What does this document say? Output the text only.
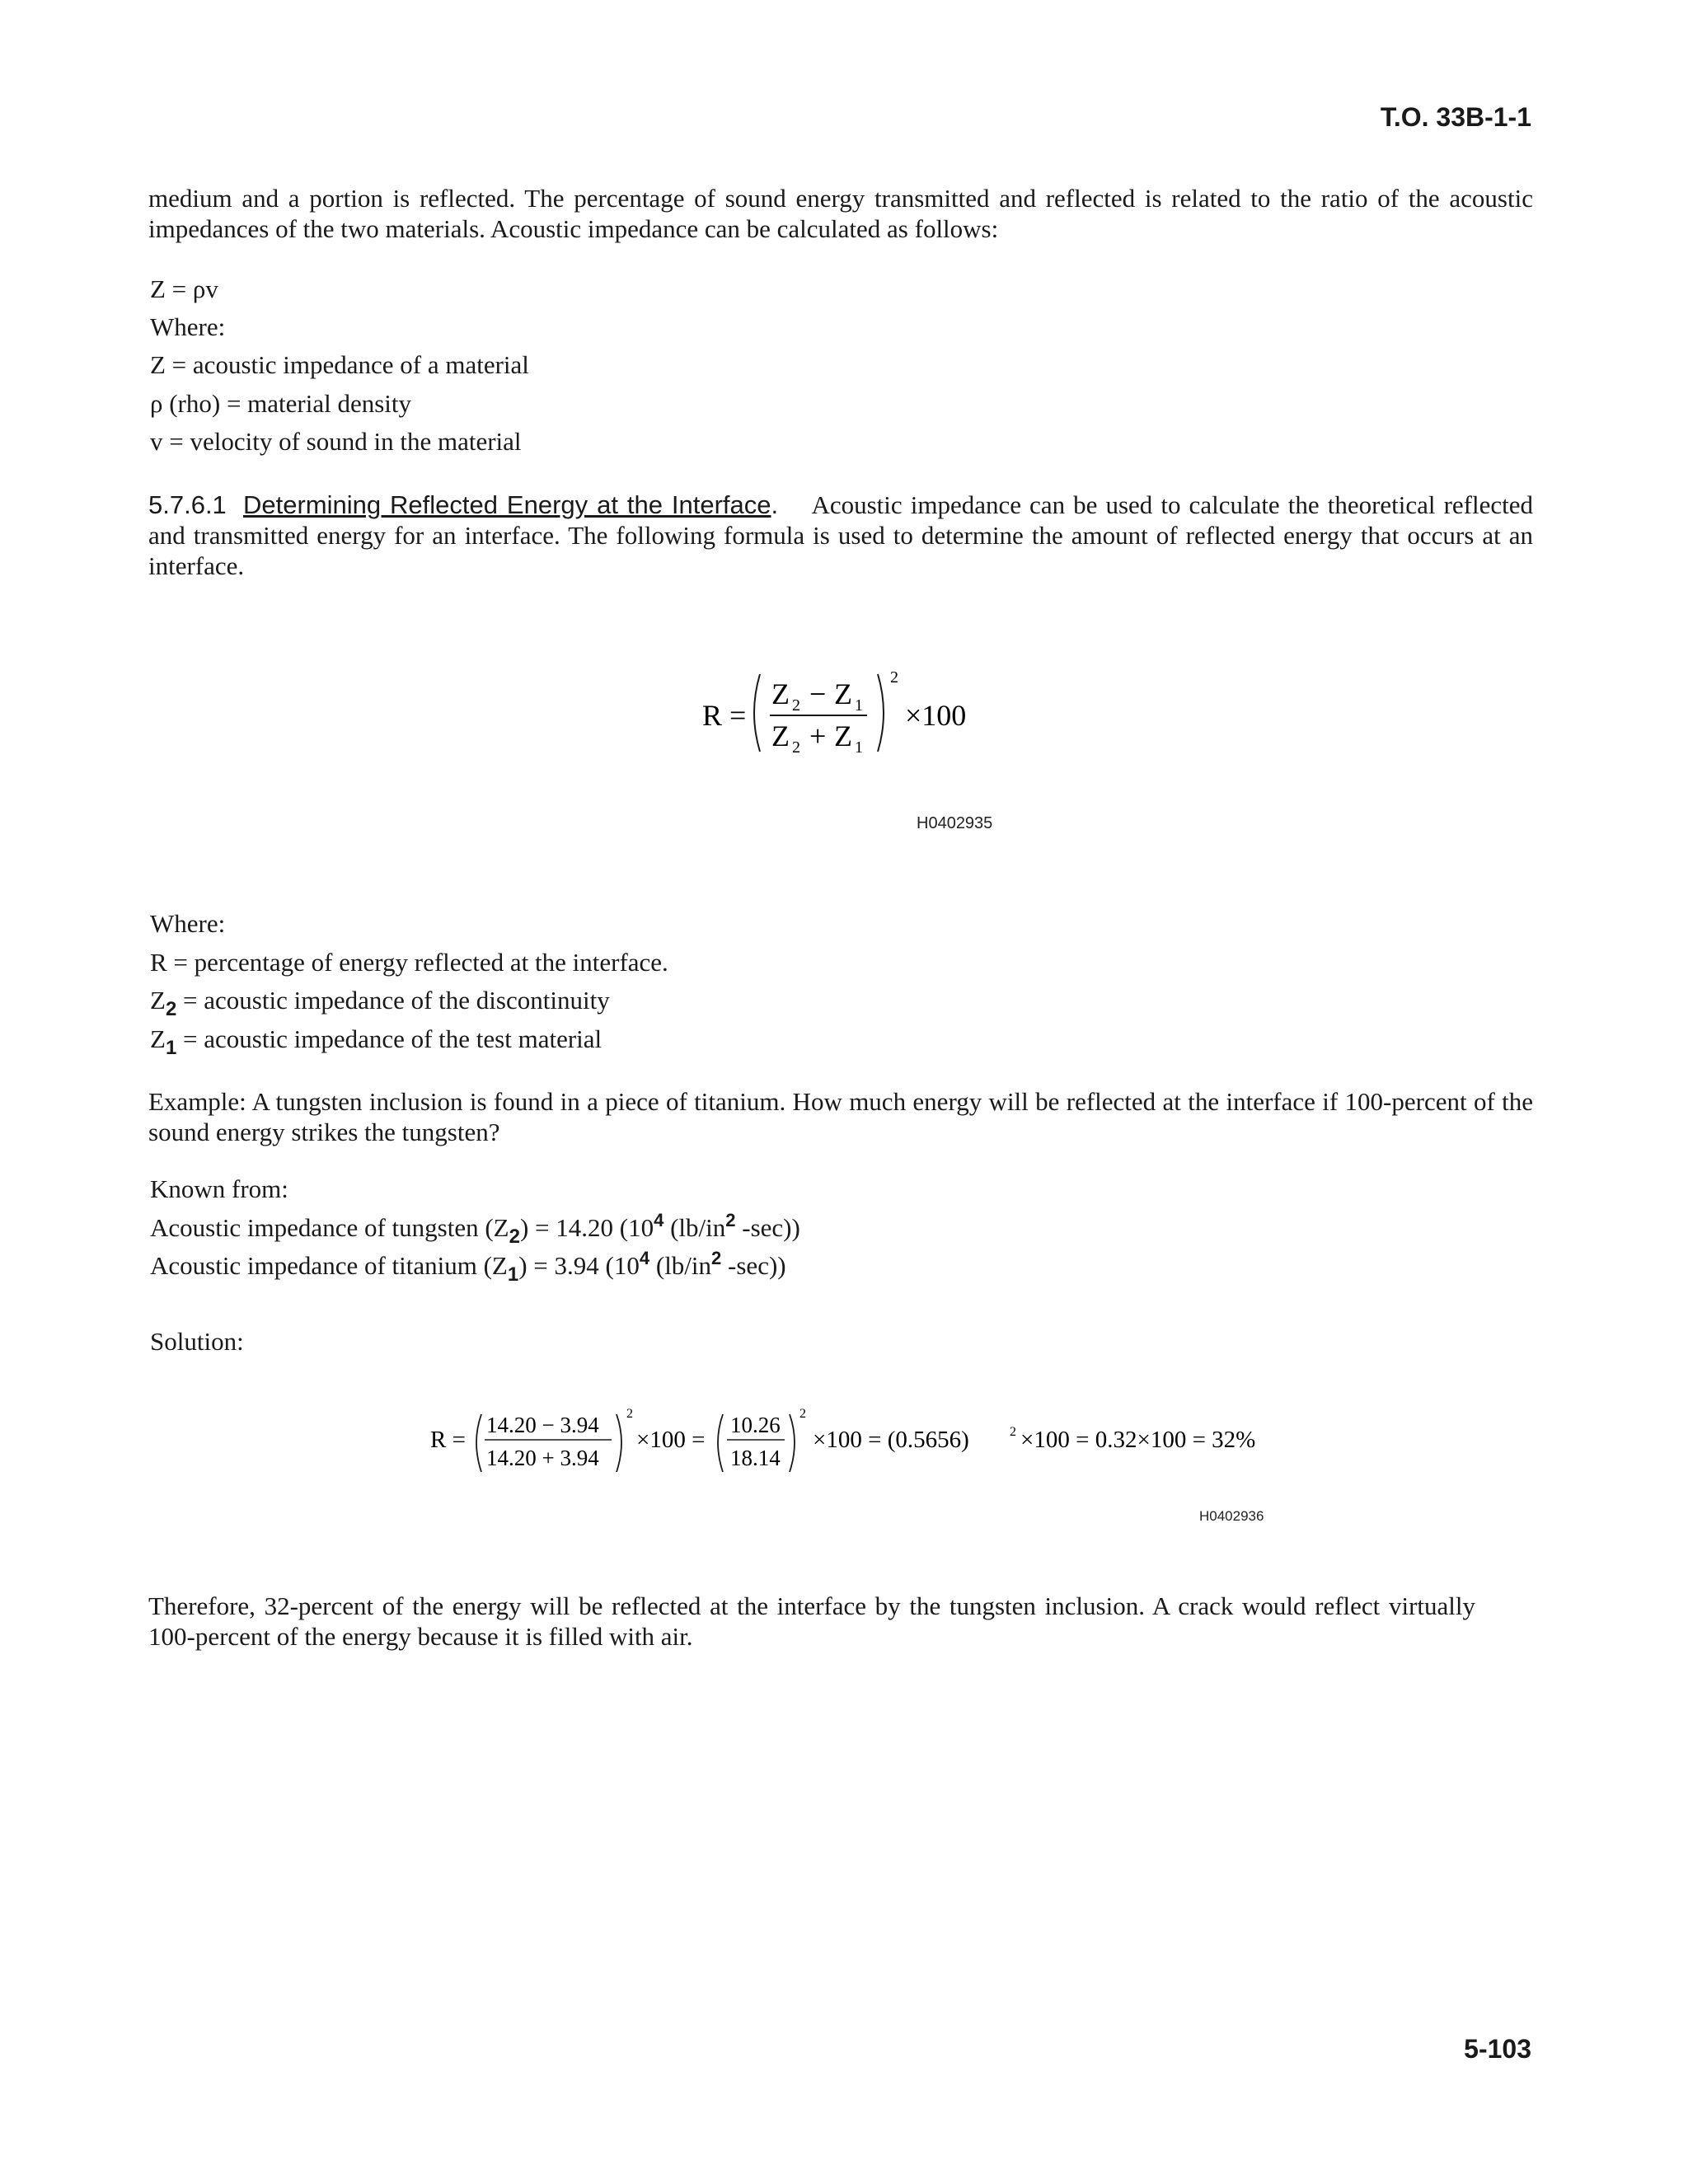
T.O. 33B-1-1
5-103
medium and a portion is reflected. The percentage of sound energy transmitted and reflected is related to the ratio of the acoustic impedances of the two materials. Acoustic impedance can be calculated as follows:
Z = ρv
Where:
Z = acoustic impedance of a material
ρ (rho) = material density
v = velocity of sound in the material
5.7.6.1 Determining Reflected Energy at the Interface. Acoustic impedance can be used to calculate the theoretical reflected and transmitted energy for an interface. The following formula is used to determine the amount of reflected energy that occurs at an interface.
R =
Z 2 − Z 1
Z 2 + Z 1
2
×100
H0402935
Where:
R = percentage of energy reflected at the interface.
$Z_2$ = acoustic impedance of the discontinuity
$Z_1$ = acoustic impedance of the test material
Example: A tungsten inclusion is found in a piece of titanium. How much energy will be reflected at the interface if 100-percent of the sound energy strikes the tungsten?
Known from:
Acoustic impedance of tungsten $(Z_2) = 14.20$ ($10^4$ ($lb/in^2$ -sec))
Acoustic impedance of titanium $(Z_1) = 3.94$ ($10^4$ ($lb/in^2$ -sec))
Solution:
R =
14.20 − 3.94
14.20 + 3.94
2
×100 =
10.26
18.14
2
×100 = (0.5656)	2 ×100 = 0.32×100 = 32%
H0402936
Therefore, 32-percent of the energy will be reflected at the interface by the tungsten inclusion. A crack would reflect virtually 100-percent of the energy because it is filled with air.
